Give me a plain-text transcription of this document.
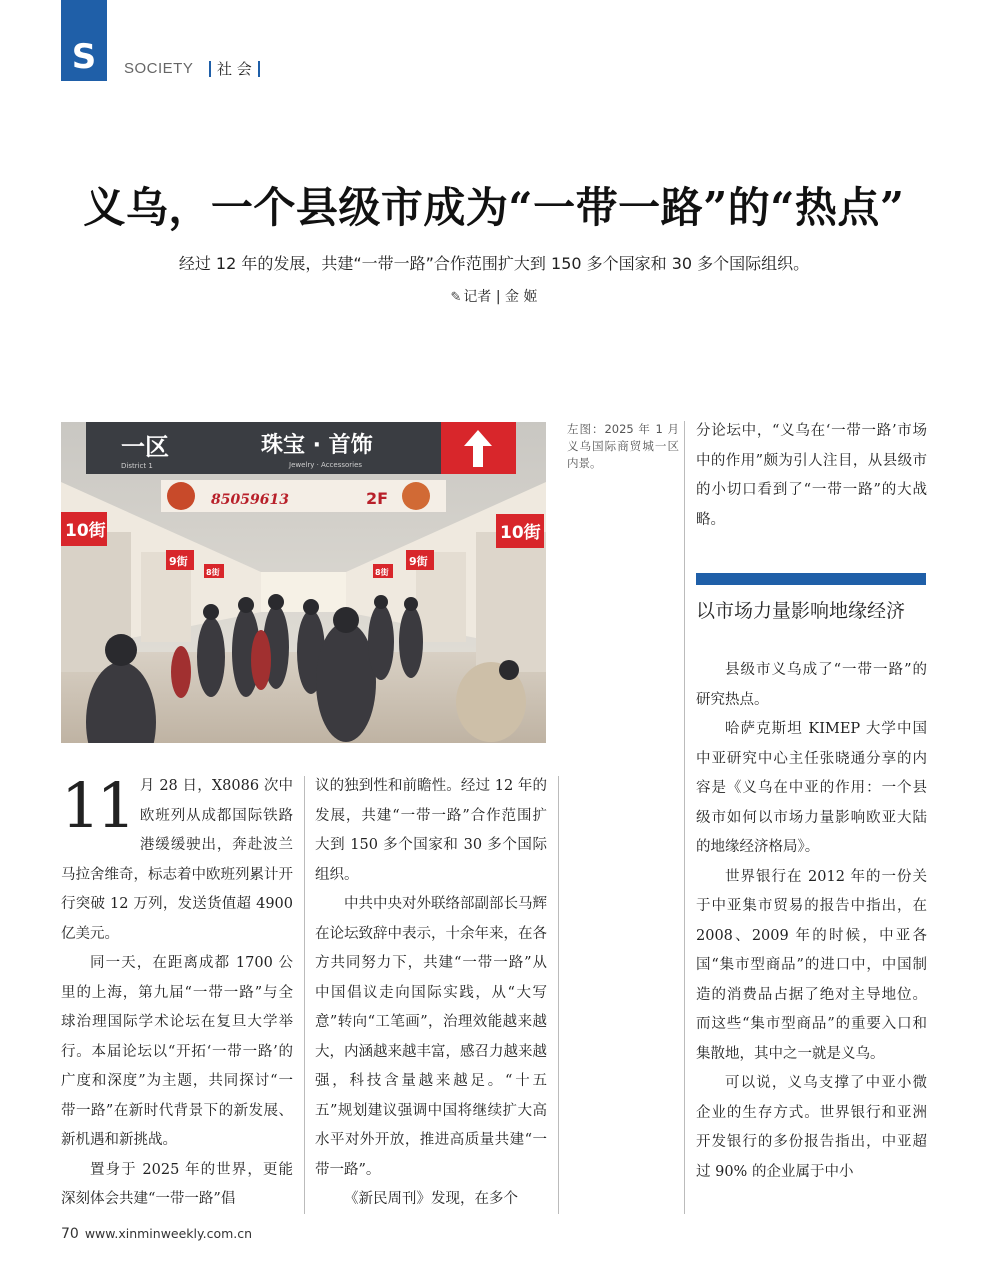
S SOCIETY 社 会
义乌，一个县级市成为“一带一路”的“热点”
经过 12 年的发展，共建“一带一路”合作范围扩大到 150 多个国家和 30 多个国际组织。
✎ 记者 | 金 姬
一区
District 1
珠宝 · 首饰
Jewelry · Accessories
85059613	2F
10街	10街
9街	9街
8街	8街
左图：2025 年 1 月义乌国际商贸城一区内景。

11 月 28 日，X8086 次中欧班列从成都国际铁路港缓缓驶出，奔赴波兰马拉舍维奇，标志着中欧班列累计开行突破 12 万列，发送货值超 4900 亿美元。

同一天，在距离成都 1700 公里的上海，第九届“一带一路”与全球治理国际学术论坛在复旦大学举行。本届论坛以“开拓‘一带一路’的广度和深度”为主题，共同探讨“一带一路”在新时代背景下的新发展、新机遇和新挑战。

置身于 2025 年的世界，更能深刻体会共建“一带一路”倡

议的独到性和前瞻性。经过 12 年的发展，共建“一带一路”合作范围扩大到 150 多个国家和 30 多个国际组织。

中共中央对外联络部副部长马辉在论坛致辞中表示，十余年来，在各方共同努力下，共建“一带一路”从中国倡议走向国际实践，从“大写意”转向“工笔画”，治理效能越来越大，内涵越来越丰富，感召力越来越强，科技含量越来越足。“十五五”规划建议强调中国将继续扩大高水平对外开放，推进高质量共建“一带一路”。

《新民周刊》发现，在多个

分论坛中，“义乌在‘一带一路’市场中的作用”颇为引人注目，从县级市的小切口看到了“一带一路”的大战略。

以市场力量影响地缘经济

县级市义乌成了“一带一路”的研究热点。

哈萨克斯坦 KIMEP 大学中国中亚研究中心主任张晓通分享的内容是《义乌在中亚的作用：一个县级市如何以市场力量影响欧亚大陆的地缘经济格局》。

世界银行在 2012 年的一份关于中亚集市贸易的报告中指出，在 2008、2009 年的时候，中亚各国“集市型商品”的进口中，中国制造的消费品占据了绝对主导地位。而这些“集市型商品”的重要入口和集散地，其中之一就是义乌。

可以说，义乌支撑了中亚小微企业的生存方式。世界银行和亚洲开发银行的多份报告指出，中亚超过 90% 的企业属于中小

70 www.xinminweekly.com.cn
